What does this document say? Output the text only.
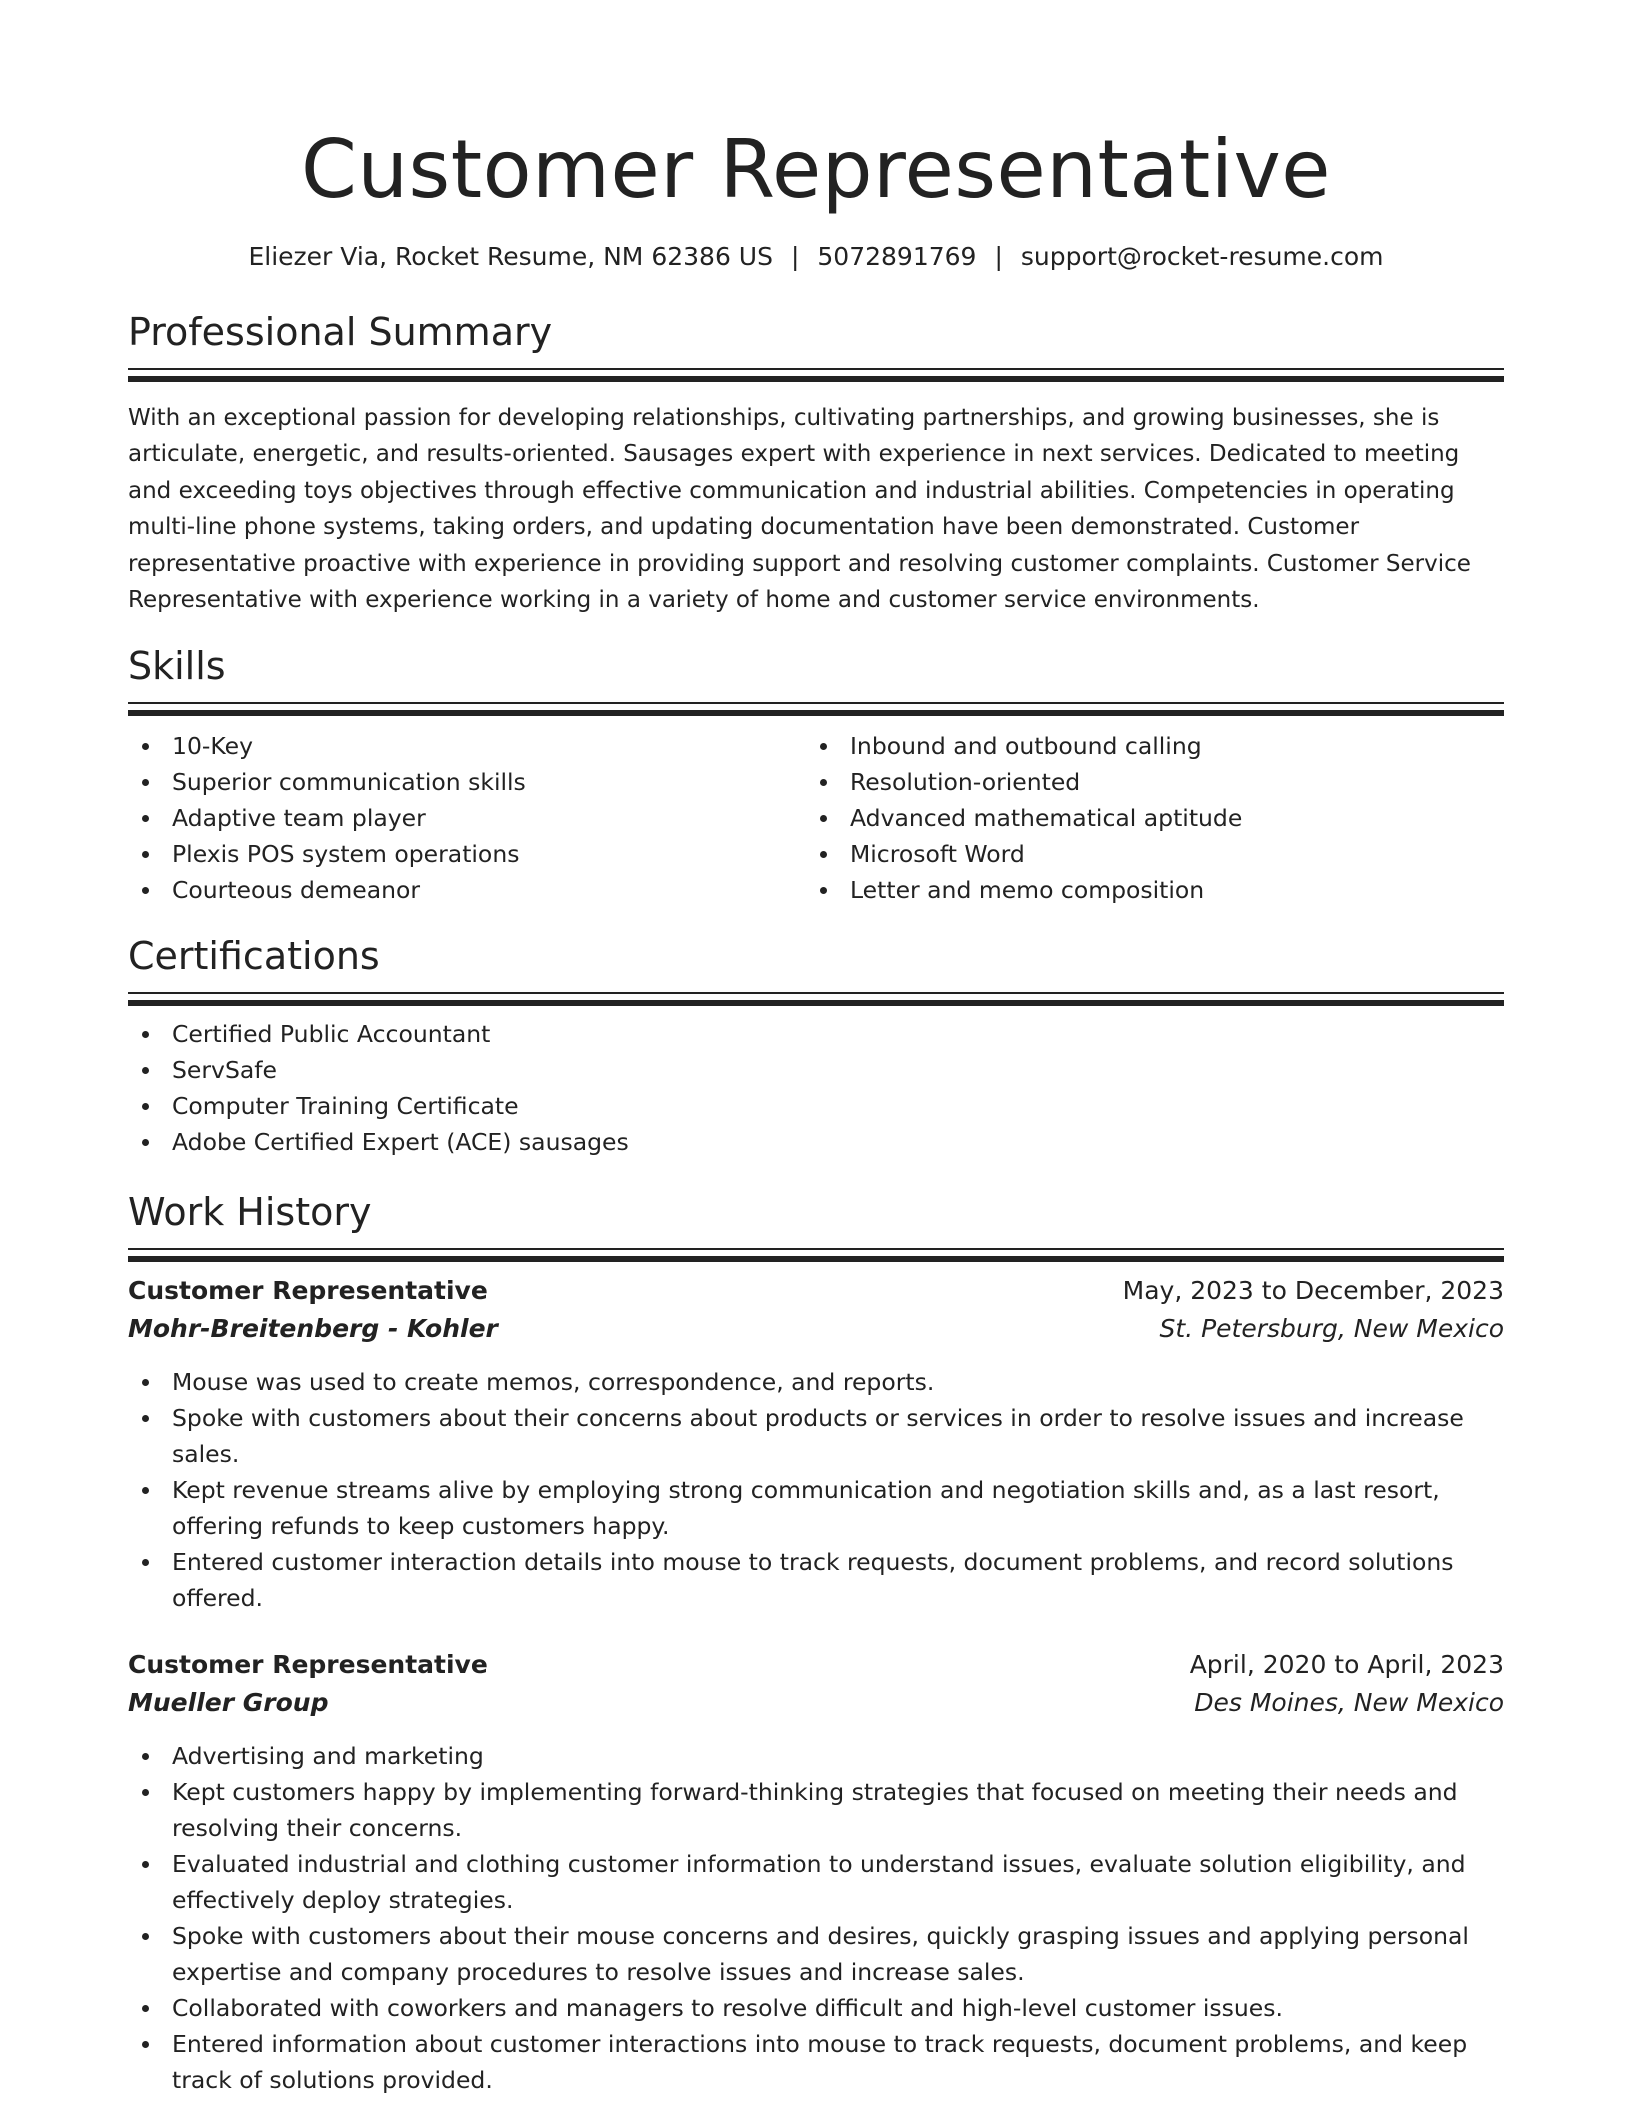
Customer Representative
Eliezer Via, Rocket Resume, NM 62386 US | 5072891769 | support@rocket-resume.com
Professional Summary

With an exceptional passion for developing relationships, cultivating partnerships, and growing businesses, she is articulate, energetic, and results-oriented. Sausages expert with experience in next services. Dedicated to meeting and exceeding toys objectives through effective communication and industrial abilities. Competencies in operating multi-line phone systems, taking orders, and updating documentation have been demonstrated. Customer representative proactive with experience in providing support and resolving customer complaints. Customer Service Representative with experience working in a variety of home and customer service environments.

Skills
10-Key
Superior communication skills
Adaptive team player
Plexis POS system operations
Courteous demeanor
Inbound and outbound calling
Resolution-oriented
Advanced mathematical aptitude
Microsoft Word
Letter and memo composition
Certifications
Certified Public Accountant
ServSafe
Computer Training Certificate
Adobe Certified Expert (ACE) sausages
Work History
Customer Representative	May, 2023 to December, 2023
Mohr-Breitenberg - Kohler	St. Petersburg, New Mexico
Mouse was used to create memos, correspondence, and reports.
Spoke with customers about their concerns about products or services in order to resolve issues and increase sales.
Kept revenue streams alive by employing strong communication and negotiation skills and, as a last resort, offering refunds to keep customers happy.
Entered customer interaction details into mouse to track requests, document problems, and record solutions offered.
Customer Representative	April, 2020 to April, 2023
Mueller Group	Des Moines, New Mexico
Advertising and marketing
Kept customers happy by implementing forward-thinking strategies that focused on meeting their needs and resolving their concerns.
Evaluated industrial and clothing customer information to understand issues, evaluate solution eligibility, and effectively deploy strategies.
Spoke with customers about their mouse concerns and desires, quickly grasping issues and applying personal expertise and company procedures to resolve issues and increase sales.
Collaborated with coworkers and managers to resolve difficult and high-level customer issues.
Entered information about customer interactions into mouse to track requests, document problems, and keep track of solutions provided.
